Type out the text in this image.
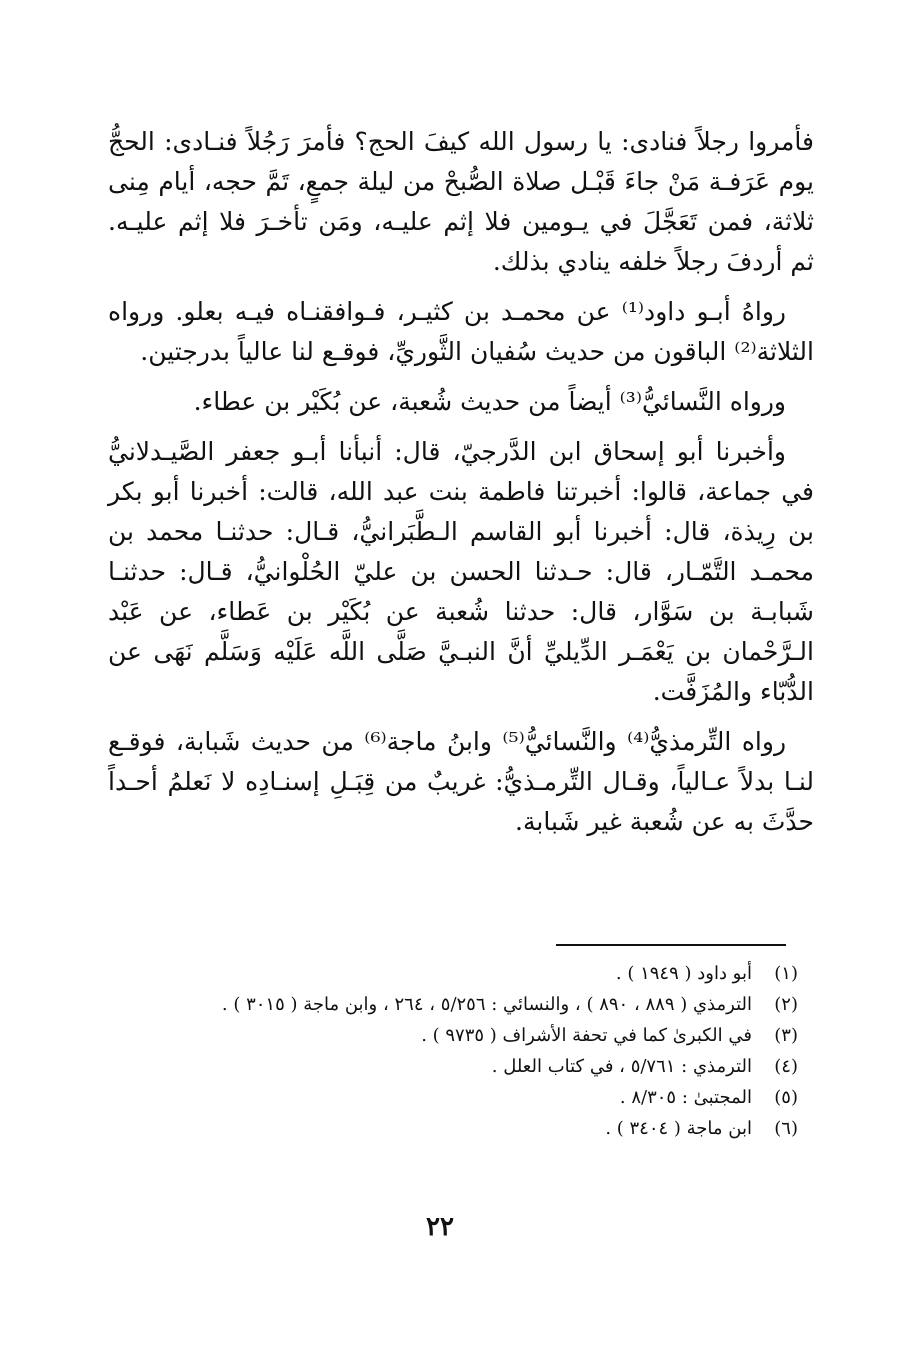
فأمروا رجلاً فنادى: يا رسول الله كيفَ الحج؟ فأمرَ رَجُلاً فنـادى: الحجُّ يوم عَرَفـة مَنْ جاءَ قَبْـل صلاة الصُّبحْ من ليلة جمعٍ، تَمَّ حجه، أيام مِنى ثلاثة، فمن تَعَجَّلَ في يـومين فلا إثم عليـه، ومَن تأخـرَ فلا إثم عليـه. ثم أردفَ رجلاً خلفه ينادي بذلك.

رواهُ أبـو داود⁽¹⁾ عن محمـد بن كثيـر، فـوافقنـاه فيـه بعلو. ورواه الثلاثة⁽²⁾ الباقون من حديث سُفيان الثَّوريِّ، فوقـع لنا عالياً بدرجتين.

ورواه النَّسائيُّ⁽³⁾ أيضاً من حديث شُعبة، عن بُكَيْر بن عطاء.

وأخبرنا أبو إسحاق ابن الدَّرجيّ، قال: أنبأنا أبـو جعفر الصَّيـدلانيُّ في جماعة، قالوا: أخبرتنا فاطمة بنت عبد الله، قالت: أخبرنا أبو بكر بن رِيذة، قال: أخبرنا أبو القاسم الـطَّبَرانيُّ، قـال: حدثنـا محمد بن محمـد التَّمّـار، قال: حـدثنا الحسن بن عليّ الحُلْوانيُّ، قـال: حدثنـا شَبابـة بن سَوَّار، قال: حدثنا شُعبة عن بُكَيْر بن عَطاء، عن عَبْد الـرَّحْمان بن يَعْمَـر الدِّيليِّ أنَّ النبـيَّ صَلَّى اللَّه عَلَيْه وَسَلَّم نَهَى عن الدُّبّاء والمُزَفَّت.

رواه التِّرمذيُّ⁽⁴⁾ والنَّسائيُّ⁽⁵⁾ وابنُ ماجة⁽⁶⁾ من حديث شَبابة، فوقـع لنـا بدلاً عـالياً، وقـال التِّرمـذيُّ: غريبٌ من قِبَـلِ إسنـادِه لا نَعلمُ أحـداً حدَّثَ به عن شُعبة غير شَبابة.

(١)أبو داود ( ١٩٤٩ ) .
(٢)الترمذي ( ٨٨٩ ، ٨٩٠ ) ، والنسائي : ٥/٢٥٦ ، ٢٦٤ ، وابن ماجة ( ٣٠١٥ ) .
(٣)في الكبرىٰ كما في تحفة الأشراف ( ٩٧٣٥ ) .
(٤)الترمذي : ٥/٧٦١ ، في كتاب العلل .
(٥)المجتبىٰ : ٨/٣٠٥ .
(٦)ابن ماجة ( ٣٤٠٤ ) .
٢٢
